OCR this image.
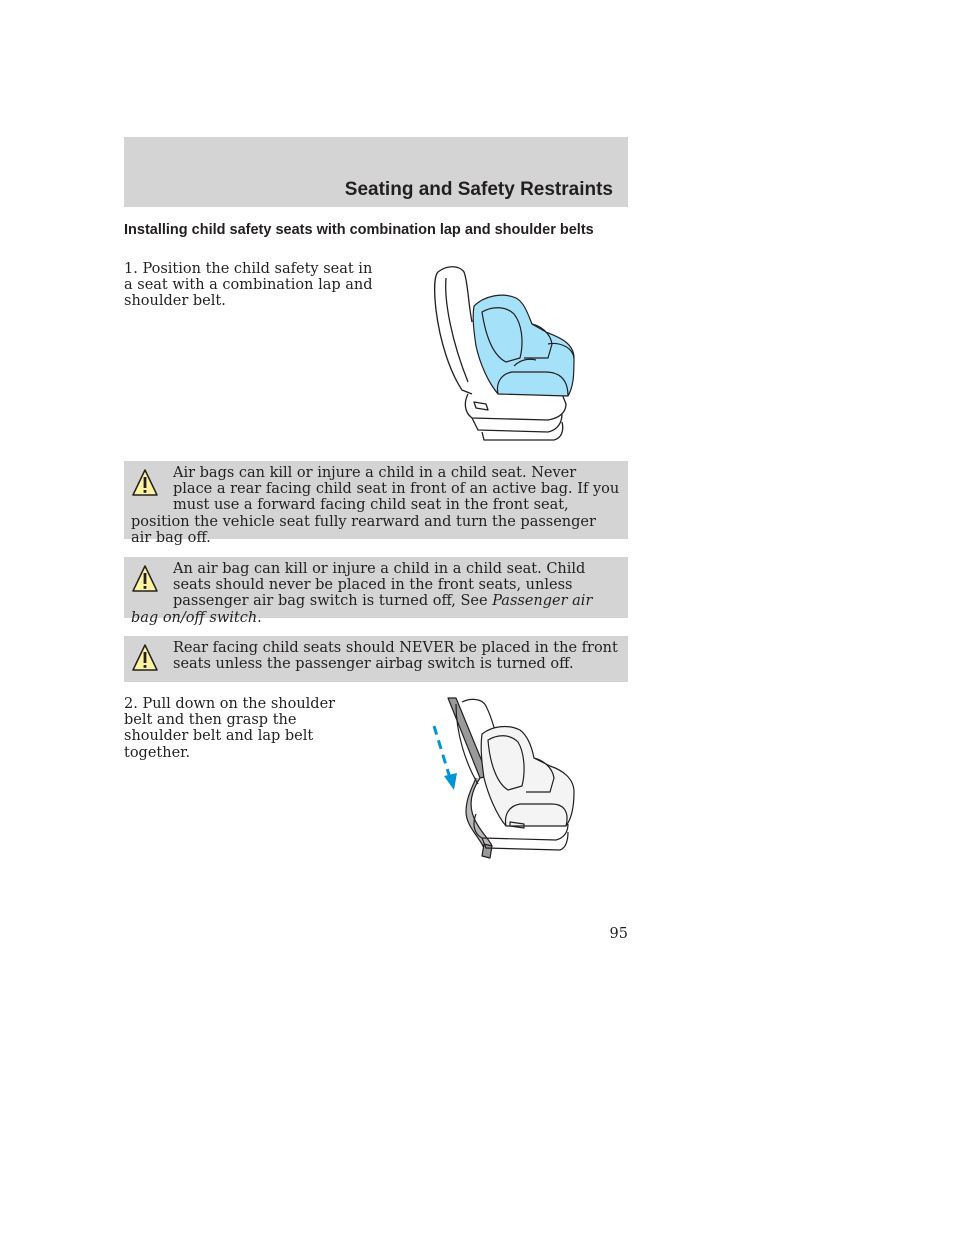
Seating and Safety Restraints
Installing child safety seats with combination lap and shoulder belts
1. Position the child safety seat in a seat with a combination lap and shoulder belt.
Air bags can kill or injure a child in a child seat. Never place a rear facing child seat in front of an active bag. If you must use a forward facing child seat in the front seat, position the vehicle seat fully rearward and turn the passenger air bag off.
An air bag can kill or injure a child in a child seat. Child seats should never be placed in the front seats, unless passenger air bag switch is turned off, See Passenger air bag on/off switch.
Rear facing child seats should NEVER be placed in the front seats unless the passenger airbag switch is turned off.
2. Pull down on the shoulder belt and then grasp the shoulder belt and lap belt together.
95
